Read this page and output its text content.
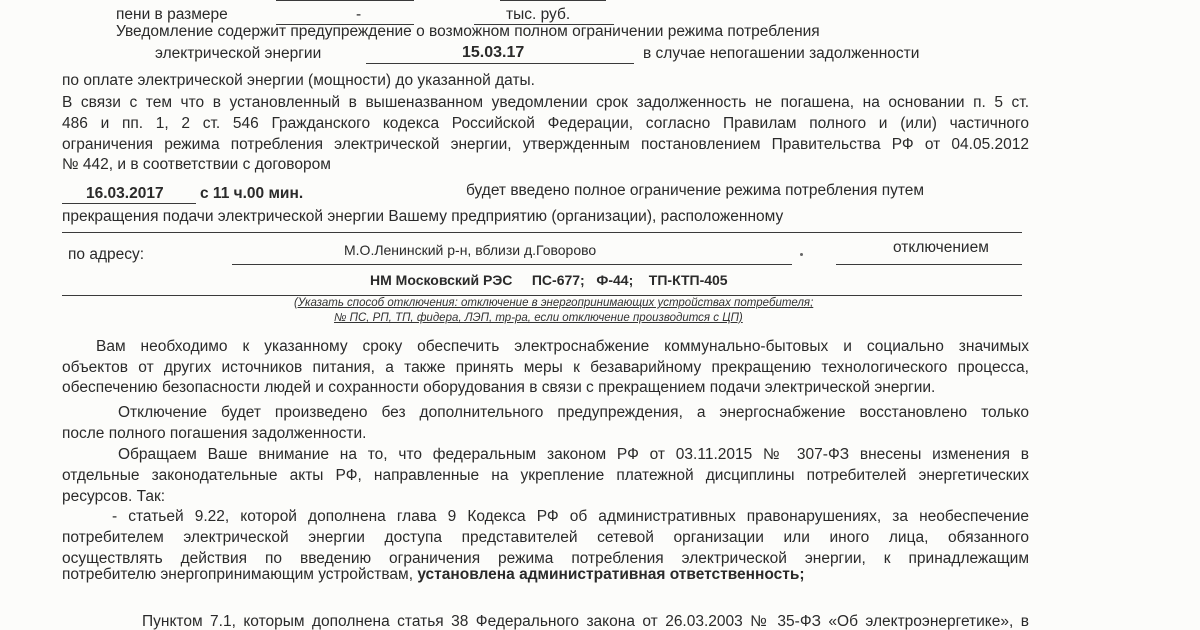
пени в размере	-	тыс. руб.
Уведомление содержит предупреждение о возможном полном ограничении режима потребления
электрической энергии	15.03.17	в случае непогашении задолженности
по оплате электрической энергии (мощности) до указанной даты.
В связи с тем что в установленный в вышеназванном уведомлении срок задолженность не погашена, на основании п. 5 ст.
486 и пп. 1, 2 ст. 546 Гражданского кодекса Российской Федерации, согласно Правилам полного и (или) частичного
ограничения режима потребления электрической энергии, утвержденным постановлением Правительства РФ от 04.05.2012
№ 442, и в соответствии с договором
16.03.2017 с 11 ч.00 мин.	будет введено полное ограничение режима потребления путем
прекращения подачи электрической энергии Вашему предприятию (организации), расположенному
по адресу:	М.О.Ленинский р-н, вблизи д.Говорово	отключением
НМ Московский РЭС     ПС-677;   Ф-44;    ТП-КТП-405
(Указать способ отключения: отключение в энергопринимающих устройствах потребителя;
№ ПС, РП, ТП, фидера, ЛЭП, тр-ра, если отключение производится с ЦП)
Вам необходимо к указанному сроку обеспечить электроснабжение коммунально-бытовых и социально значимых
объектов от других источников питания, а также принять меры к безаварийному прекращению технологического процесса,
обеспечению безопасности людей и сохранности оборудования в связи с прекращением подачи электрической энергии.
Отключение будет произведено без дополнительного предупреждения, а энергоснабжение восстановлено только
после полного погашения задолженности.
Обращаем Ваше внимание на то, что федеральным законом РФ от 03.11.2015 № 307-ФЗ внесены изменения в
отдельные законодательные акты РФ, направленные на укрепление платежной дисциплины потребителей энергетических
ресурсов. Так:
- статьей 9.22, которой дополнена глава 9 Кодекса РФ об административных правонарушениях, за необеспечение
потребителем электрической энергии доступа представителей сетевой организации или иного лица, обязанного
осуществлять действия по введению ограничения режима потребления электрической энергии, к принадлежащим
потребителю энергопринимающим устройствам, установлена административная ответственность;
Пунктом 7.1, которым дополнена статья 38 Федерального закона от 26.03.2003 № 35-ФЗ «Об электроэнергетике», в
